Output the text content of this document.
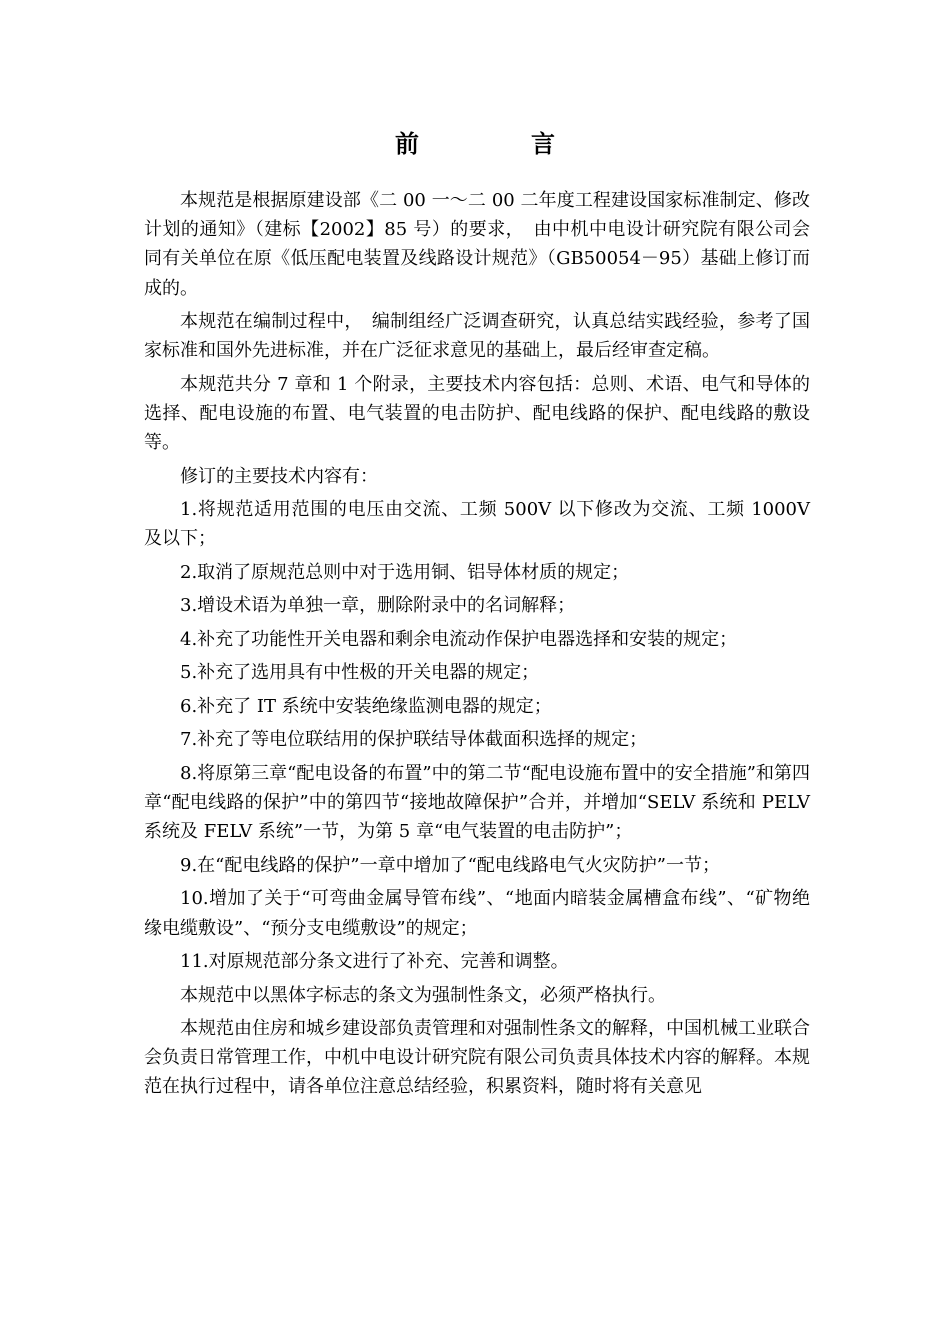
前	言

本规范是根据原建设部《二 00 一～二 00 二年度工程建设国家标准制定、修改计划的通知》（建标【2002】85 号）的要求，　由中机中电设计研究院有限公司会同有关单位在原《低压配电装置及线路设计规范》（GB50054－95）基础上修订而成的。

本规范在编制过程中，　编制组经广泛调查研究，认真总结实践经验，参考了国家标准和国外先进标准，并在广泛征求意见的基础上，最后经审查定稿。

本规范共分 7 章和 1 个附录，主要技术内容包括：总则、术语、电气和导体的选择、配电设施的布置、电气装置的电击防护、配电线路的保护、配电线路的敷设等。

修订的主要技术内容有：

1.将规范适用范围的电压由交流、工频 500V 以下修改为交流、工频 1000V 及以下；

2.取消了原规范总则中对于选用铜、铝导体材质的规定；

3.增设术语为单独一章，删除附录中的名词解释；

4.补充了功能性开关电器和剩余电流动作保护电器选择和安装的规定；

5.补充了选用具有中性极的开关电器的规定；

6.补充了 IT 系统中安装绝缘监测电器的规定；

7.补充了等电位联结用的保护联结导体截面积选择的规定；

8.将原第三章“配电设备的布置”中的第二节“配电设施布置中的安全措施”和第四章“配电线路的保护”中的第四节“接地故障保护”合并，并增加“SELV 系统和 PELV 系统及 FELV 系统”一节，为第 5 章“电气装置的电击防护”；

9.在“配电线路的保护”一章中增加了“配电线路电气火灾防护”一节；

10.增加了关于“可弯曲金属导管布线”、“地面内暗装金属槽盒布线”、“矿物绝缘电缆敷设”、“预分支电缆敷设”的规定；

11.对原规范部分条文进行了补充、完善和调整。

本规范中以黑体字标志的条文为强制性条文，必须严格执行。

本规范由住房和城乡建设部负责管理和对强制性条文的解释，中国机械工业联合会负责日常管理工作，中机中电设计研究院有限公司负责具体技术内容的解释。本规范在执行过程中，请各单位注意总结经验，积累资料，随时将有关意见
